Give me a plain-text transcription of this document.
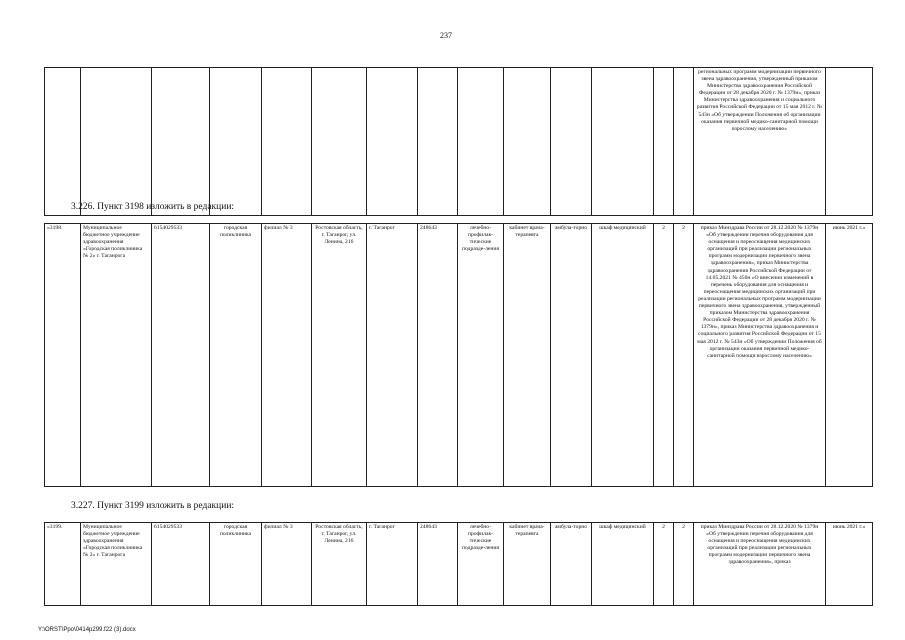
237
														региональных программ модернизации первичного звена здравоохранения, утвержденный приказом Министерства здравоохранения Российской Федерации от 28 декабря 2020 г. № 1379н», приказ Министерства здравоохранения и социального развития Российской Федерации от 15 мая 2012 г. № 543н «Об утверждении Положения об организации оказания первичной медико-санитарной помощи взрослому населению»	
3.226. Пункт 3198 изложить в редакции:
«3198.	Муниципальное бюджетное учреждение здравоохранения «Городская поликлиника № 2» г. Таганрога	6154029533	городская поликлиника	филиал № 3	Ростовская область, г. Таганрог, ул. Ленина, 216	г. Таганрог	248643	лечебно-профилак-тические подразде-ления	кабинет врача-терапевта	амбула-торно	шкаф медицинский	2	2	приказ Минздрава России от 28.12.2020 № 1379н «Об утверждении перечня оборудования для оснащения и переоснащения медицинских организаций при реализации региональных программ модернизации первичного звена здравоохранения», приказ Министерства здравоохранения Российской Федерации от 14.05.2021 № 450н «О внесении изменений в перечень оборудования для оснащения и переоснащения медицинских организаций при реализации региональных программ модернизации первичного звена здравоохранения, утвержденный приказом Министерства здравоохранения Российской Федерации от 28 декабря 2020 г. № 1379н», приказ Министерства здравоохранения и социального развития Российской Федерации от 15 мая 2012 г. № 543н «Об утверждении Положения об организации оказания первичной медико-санитарной помощи взрослому населению»	июнь 2021 г.»
3.227. Пункт 3199 изложить в редакции:
«3199.	Муниципальное бюджетное учреждение здравоохранения «Городская поликлиника № 2» г. Таганрога	6154029533	городская поликлиника	филиал № 3	Ростовская область, г. Таганрог, ул. Ленина, 216	г. Таганрог	248643	лечебно-профилак-тические подразде-ления	кабинет врача-терапевта	амбула-торно	шкаф медицинский	2	2	приказ Минздрава России от 28.12.2020 № 1379н «Об утверждении перечня оборудования для оснащения и переоснащения медицинских организаций при реализации региональных программ модернизации первичного звена здравоохранения», приказ	июнь 2021 г.»
Y:\ORST\Ppo\0414p299.f22 (3).docx
